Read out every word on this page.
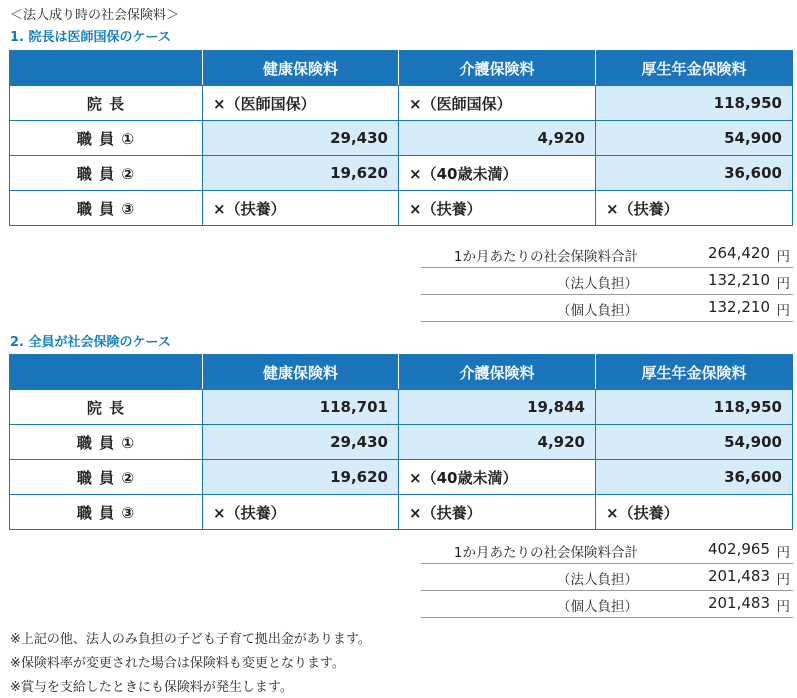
＜法人成り時の社会保険料＞
1. 院長は医師国保のケース
	健康保険料	介護保険料	厚生年金保険料
院 長	×（医師国保）	×（医師国保）	118,950
職 員 ①	29,430	4,920	54,900
職 員 ②	19,620	×（40歳未満）	36,600
職 員 ③	×（扶養）	×（扶養）	×（扶養）
1か月あたりの社会保険料合計	264,420 円
（法人負担）	132,210 円
（個人負担）	132,210 円
2. 全員が社会保険のケース
	健康保険料	介護保険料	厚生年金保険料
院 長	118,701	19,844	118,950
職 員 ①	29,430	4,920	54,900
職 員 ②	19,620	×（40歳未満）	36,600
職 員 ③	×（扶養）	×（扶養）	×（扶養）
1か月あたりの社会保険料合計	402,965 円
（法人負担）	201,483 円
（個人負担）	201,483 円
※上記の他、法人のみ負担の子ども子育て拠出金があります。
※保険料率が変更された場合は保険料も変更となります。
※賞与を支給したときにも保険料が発生します。
